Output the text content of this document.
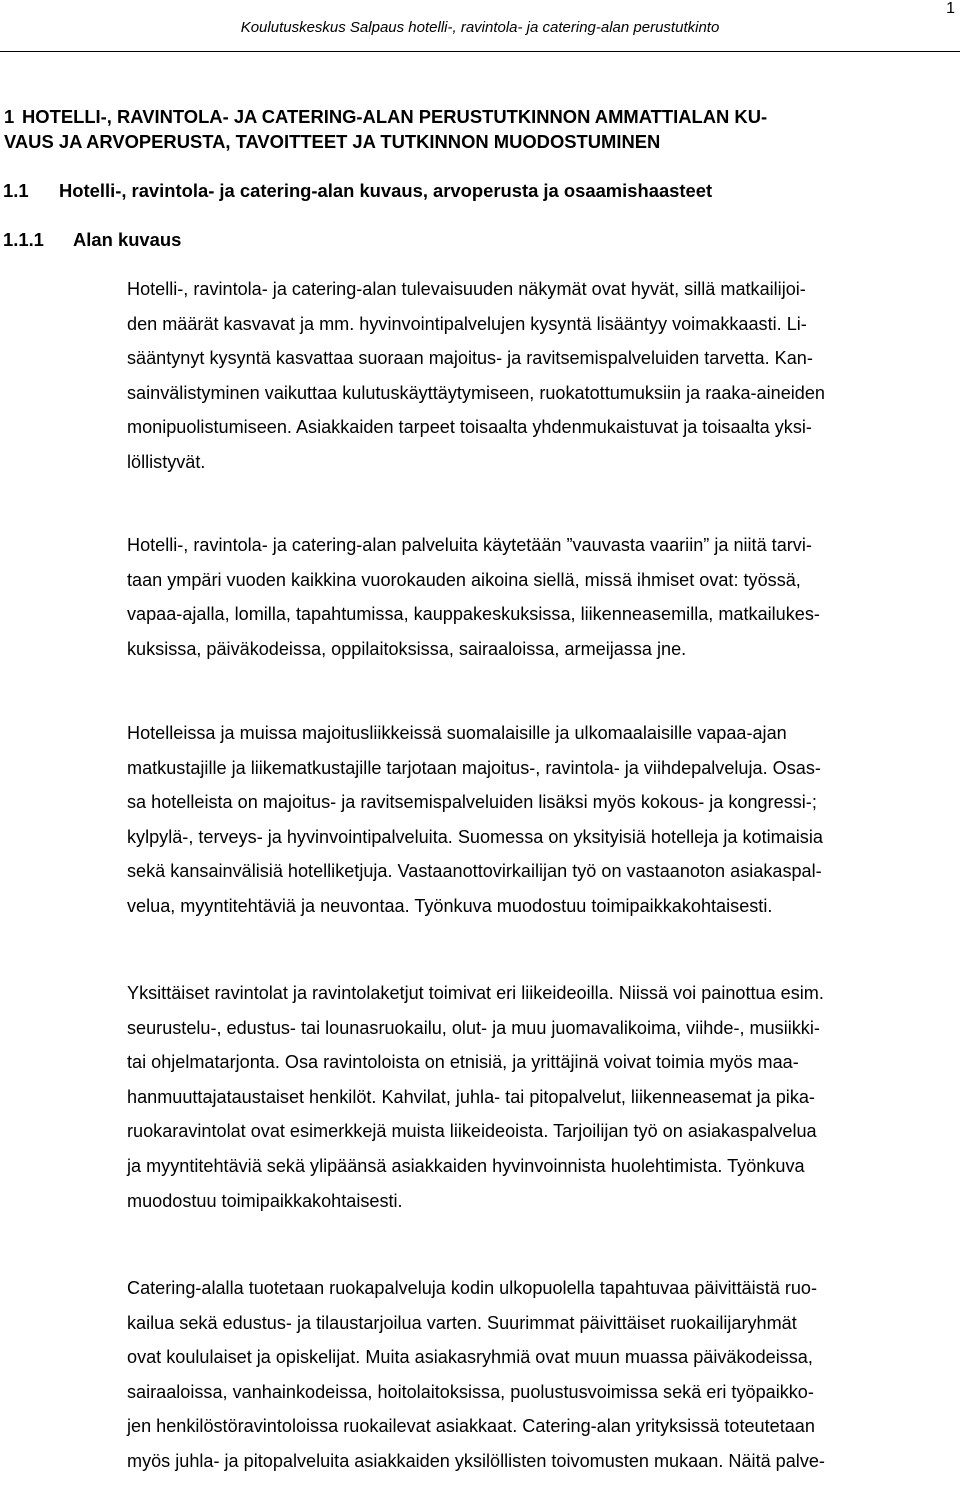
1
Koulutuskeskus Salpaus hotelli-, ravintola- ja catering-alan perustutkinto
1 HOTELLI-, RAVINTOLA- JA CATERING-ALAN PERUSTUTKINNON AMMATTIALAN KU-
VAUS JA ARVOPERUSTA, TAVOITTEET JA TUTKINNON MUODOSTUMINEN
1.1 Hotelli-, ravintola- ja catering-alan kuvaus, arvoperusta ja osaamishaasteet
1.1.1 Alan kuvaus
Hotelli-, ravintola- ja catering-alan tulevaisuuden näkymät ovat hyvät, sillä matkailijoi-
den määrät kasvavat ja mm. hyvinvointipalvelujen kysyntä lisääntyy voimakkaasti. Li-
sääntynyt kysyntä kasvattaa suoraan majoitus- ja ravitsemispalveluiden tarvetta. Kan-
sainvälistyminen vaikuttaa kulutuskäyttäytymiseen, ruokatottumuksiin ja raaka-aineiden
monipuolistumiseen. Asiakkaiden tarpeet toisaalta yhdenmukaistuvat ja toisaalta yksi-
löllistyvät.
Hotelli-, ravintola- ja catering-alan palveluita käytetään ”vauvasta vaariin” ja niitä tarvi-
taan ympäri vuoden kaikkina vuorokauden aikoina siellä, missä ihmiset ovat: työssä,
vapaa-ajalla, lomilla, tapahtumissa, kauppakeskuksissa, liikenneasemilla, matkailukes-
kuksissa, päiväkodeissa, oppilaitoksissa, sairaaloissa, armeijassa jne.
Hotelleissa ja muissa majoitusliikkeissä suomalaisille ja ulkomaalaisille vapaa-ajan
matkustajille ja liikematkustajille tarjotaan majoitus-, ravintola- ja viihdepalveluja. Osas-
sa hotelleista on majoitus- ja ravitsemispalveluiden lisäksi myös kokous- ja kongressi-;
kylpylä-, terveys- ja hyvinvointipalveluita. Suomessa on yksityisiä hotelleja ja kotimaisia
sekä kansainvälisiä hotelliketjuja. Vastaanottovirkailijan työ on vastaanoton asiakaspal-
velua, myyntitehtäviä ja neuvontaa. Työnkuva muodostuu toimipaikkakohtaisesti.
Yksittäiset ravintolat ja ravintolaketjut toimivat eri liikeideoilla. Niissä voi painottua esim.
seurustelu-, edustus- tai lounasruokailu, olut- ja muu juomavalikoima, viihde-, musiikki-
tai ohjelmatarjonta. Osa ravintoloista on etnisiä, ja yrittäjinä voivat toimia myös maa-
hanmuuttajataustaiset henkilöt. Kahvilat, juhla- tai pitopalvelut, liikenneasemat ja pika-
ruokaravintolat ovat esimerkkejä muista liikeideoista. Tarjoilijan työ on asiakaspalvelua
ja myyntitehtäviä sekä ylipäänsä asiakkaiden hyvinvoinnista huolehtimista. Työnkuva
muodostuu toimipaikkakohtaisesti.
Catering-alalla tuotetaan ruokapalveluja kodin ulkopuolella tapahtuvaa päivittäistä ruo-
kailua sekä edustus- ja tilaustarjoilua varten. Suurimmat päivittäiset ruokailijaryhmät
ovat koululaiset ja opiskelijat. Muita asiakasryhmiä ovat muun muassa päiväkodeissa,
sairaaloissa, vanhainkodeissa, hoitolaitoksissa, puolustusvoimissa sekä eri työpaikko-
jen henkilöstöravintoloissa ruokailevat asiakkaat. Catering-alan yrityksissä toteutetaan
myös juhla- ja pitopalveluita asiakkaiden yksilöllisten toivomusten mukaan. Näitä palve-
